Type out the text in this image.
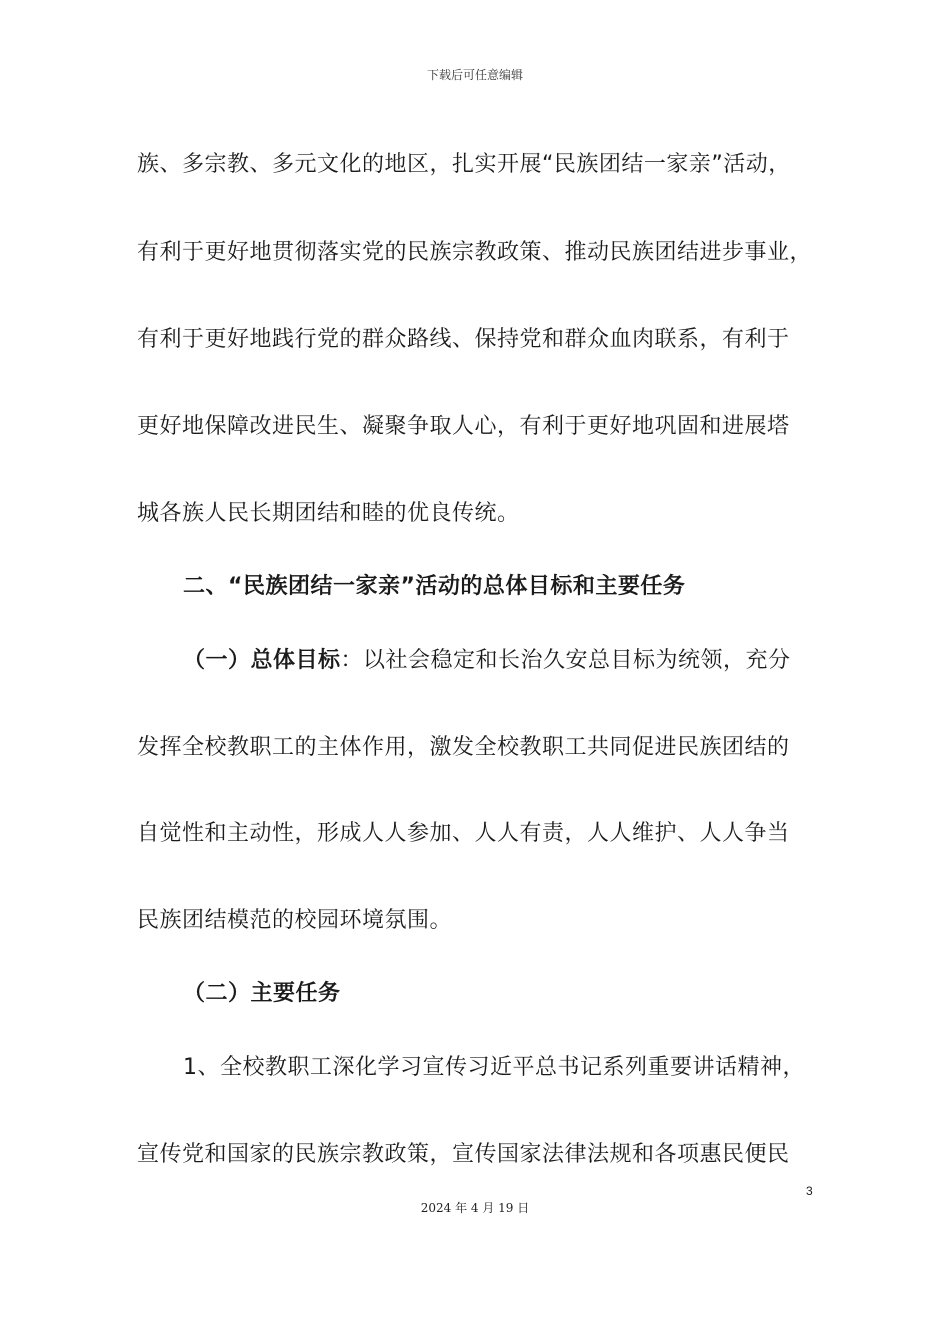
下载后可任意编辑
族、多宗教、多元文化的地区，扎实开展“民族团结一家亲”活动，
有利于更好地贯彻落实党的民族宗教政策、推动民族团结进步事业，
有利于更好地践行党的群众路线、保持党和群众血肉联系，有利于
更好地保障改进民生、凝聚争取人心，有利于更好地巩固和进展塔
城各族人民长期团结和睦的优良传统。
二、“民族团结一家亲”活动的总体目标和主要任务
（一）总体目标：以社会稳定和长治久安总目标为统领，充分
发挥全校教职工的主体作用，激发全校教职工共同促进民族团结的
自觉性和主动性，形成人人参加、人人有责，人人维护、人人争当
民族团结模范的校园环境氛围。
（二）主要任务
1、全校教职工深化学习宣传习近平总书记系列重要讲话精神，
宣传党和国家的民族宗教政策，宣传国家法律法规和各项惠民便民
3
2024 年 4 月 19 日
